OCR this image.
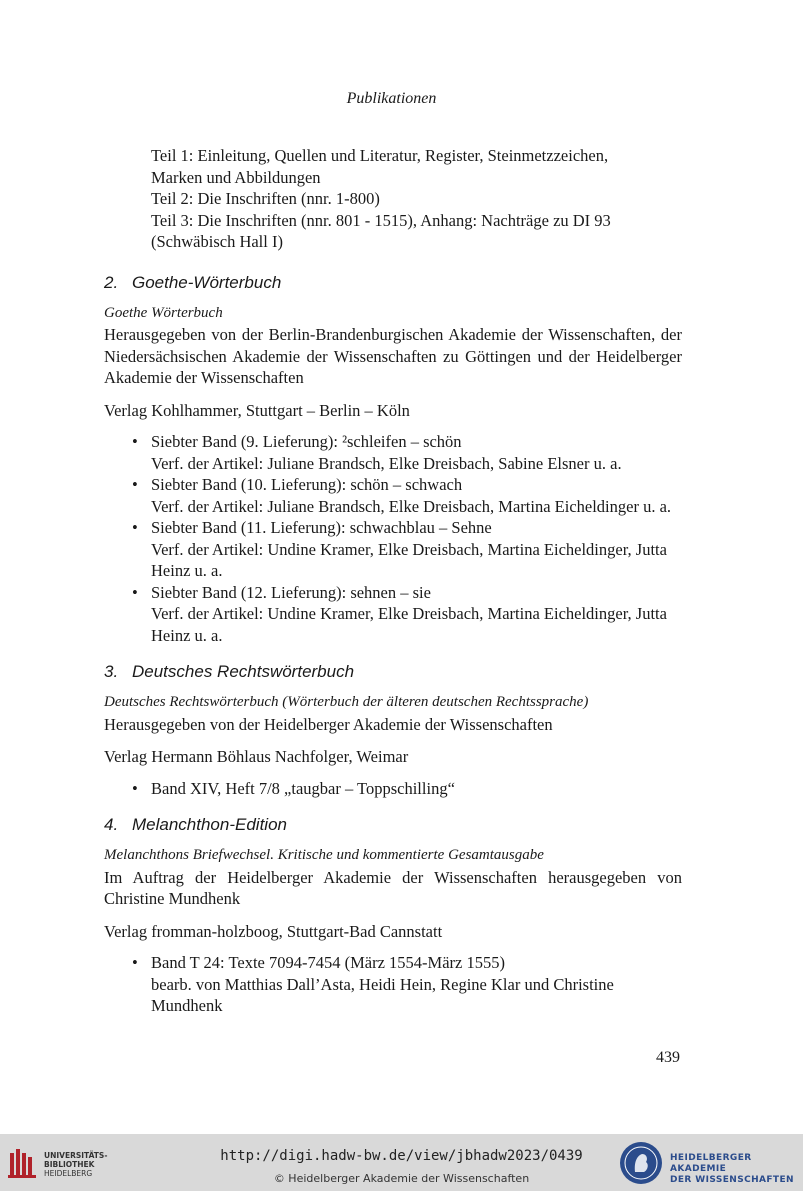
Publikationen
Teil 1: Einleitung, Quellen und Literatur, Register, Steinmetzzeichen,
Marken und Abbildungen
Teil 2: Die Inschriften (nnr. 1-800)
Teil 3: Die Inschriften (nnr. 801 - 1515), Anhang: Nachträge zu DI 93
(Schwäbisch Hall I)
2. Goethe-Wörterbuch

Goethe Wörterbuch

Herausgegeben von der Berlin-Brandenburgischen Akademie der Wissenschaften, der Niedersächsischen Akademie der Wissenschaften zu Göttingen und der Heidelberger Akademie der Wissenschaften

Verlag Kohlhammer, Stuttgart – Berlin – Köln

• Siebter Band (9. Lieferung): ²schleifen – schön
Verf. der Artikel: Juliane Brandsch, Elke Dreisbach, Sabine Elsner u. a.
• Siebter Band (10. Lieferung): schön – schwach
Verf. der Artikel: Juliane Brandsch, Elke Dreisbach, Martina Eicheldinger u. a.
• Siebter Band (11. Lieferung): schwachblau – Sehne
Verf. der Artikel: Undine Kramer, Elke Dreisbach, Martina Eicheldinger, Jutta Heinz u. a.
• Siebter Band (12. Lieferung): sehnen – sie
Verf. der Artikel: Undine Kramer, Elke Dreisbach, Martina Eicheldinger, Jutta Heinz u. a.
3. Deutsches Rechtswörterbuch

Deutsches Rechtswörterbuch (Wörterbuch der älteren deutschen Rechtssprache)

Herausgegeben von der Heidelberger Akademie der Wissenschaften

Verlag Hermann Böhlaus Nachfolger, Weimar

• Band XIV, Heft 7/8 „taugbar – Toppschilling“
4. Melanchthon-Edition

Melanchthons Briefwechsel. Kritische und kommentierte Gesamtausgabe

Im Auftrag der Heidelberger Akademie der Wissenschaften herausgegeben von Christine Mundhenk

Verlag fromman-holzboog, Stuttgart-Bad Cannstatt

• Band T 24: Texte 7094-7454 (März 1554-März 1555)
bearb. von Matthias Dall’Asta, Heidi Hein, Regine Klar und Christine Mundhenk
439
UNIVERSITÄTS-
BIBLIOTHEK
HEIDELBERG
http://digi.hadw-bw.de/view/jbhadw2023/0439
© Heidelberger Akademie der Wissenschaften
HEIDELBERGER AKADEMIE
DER WISSENSCHAFTEN
